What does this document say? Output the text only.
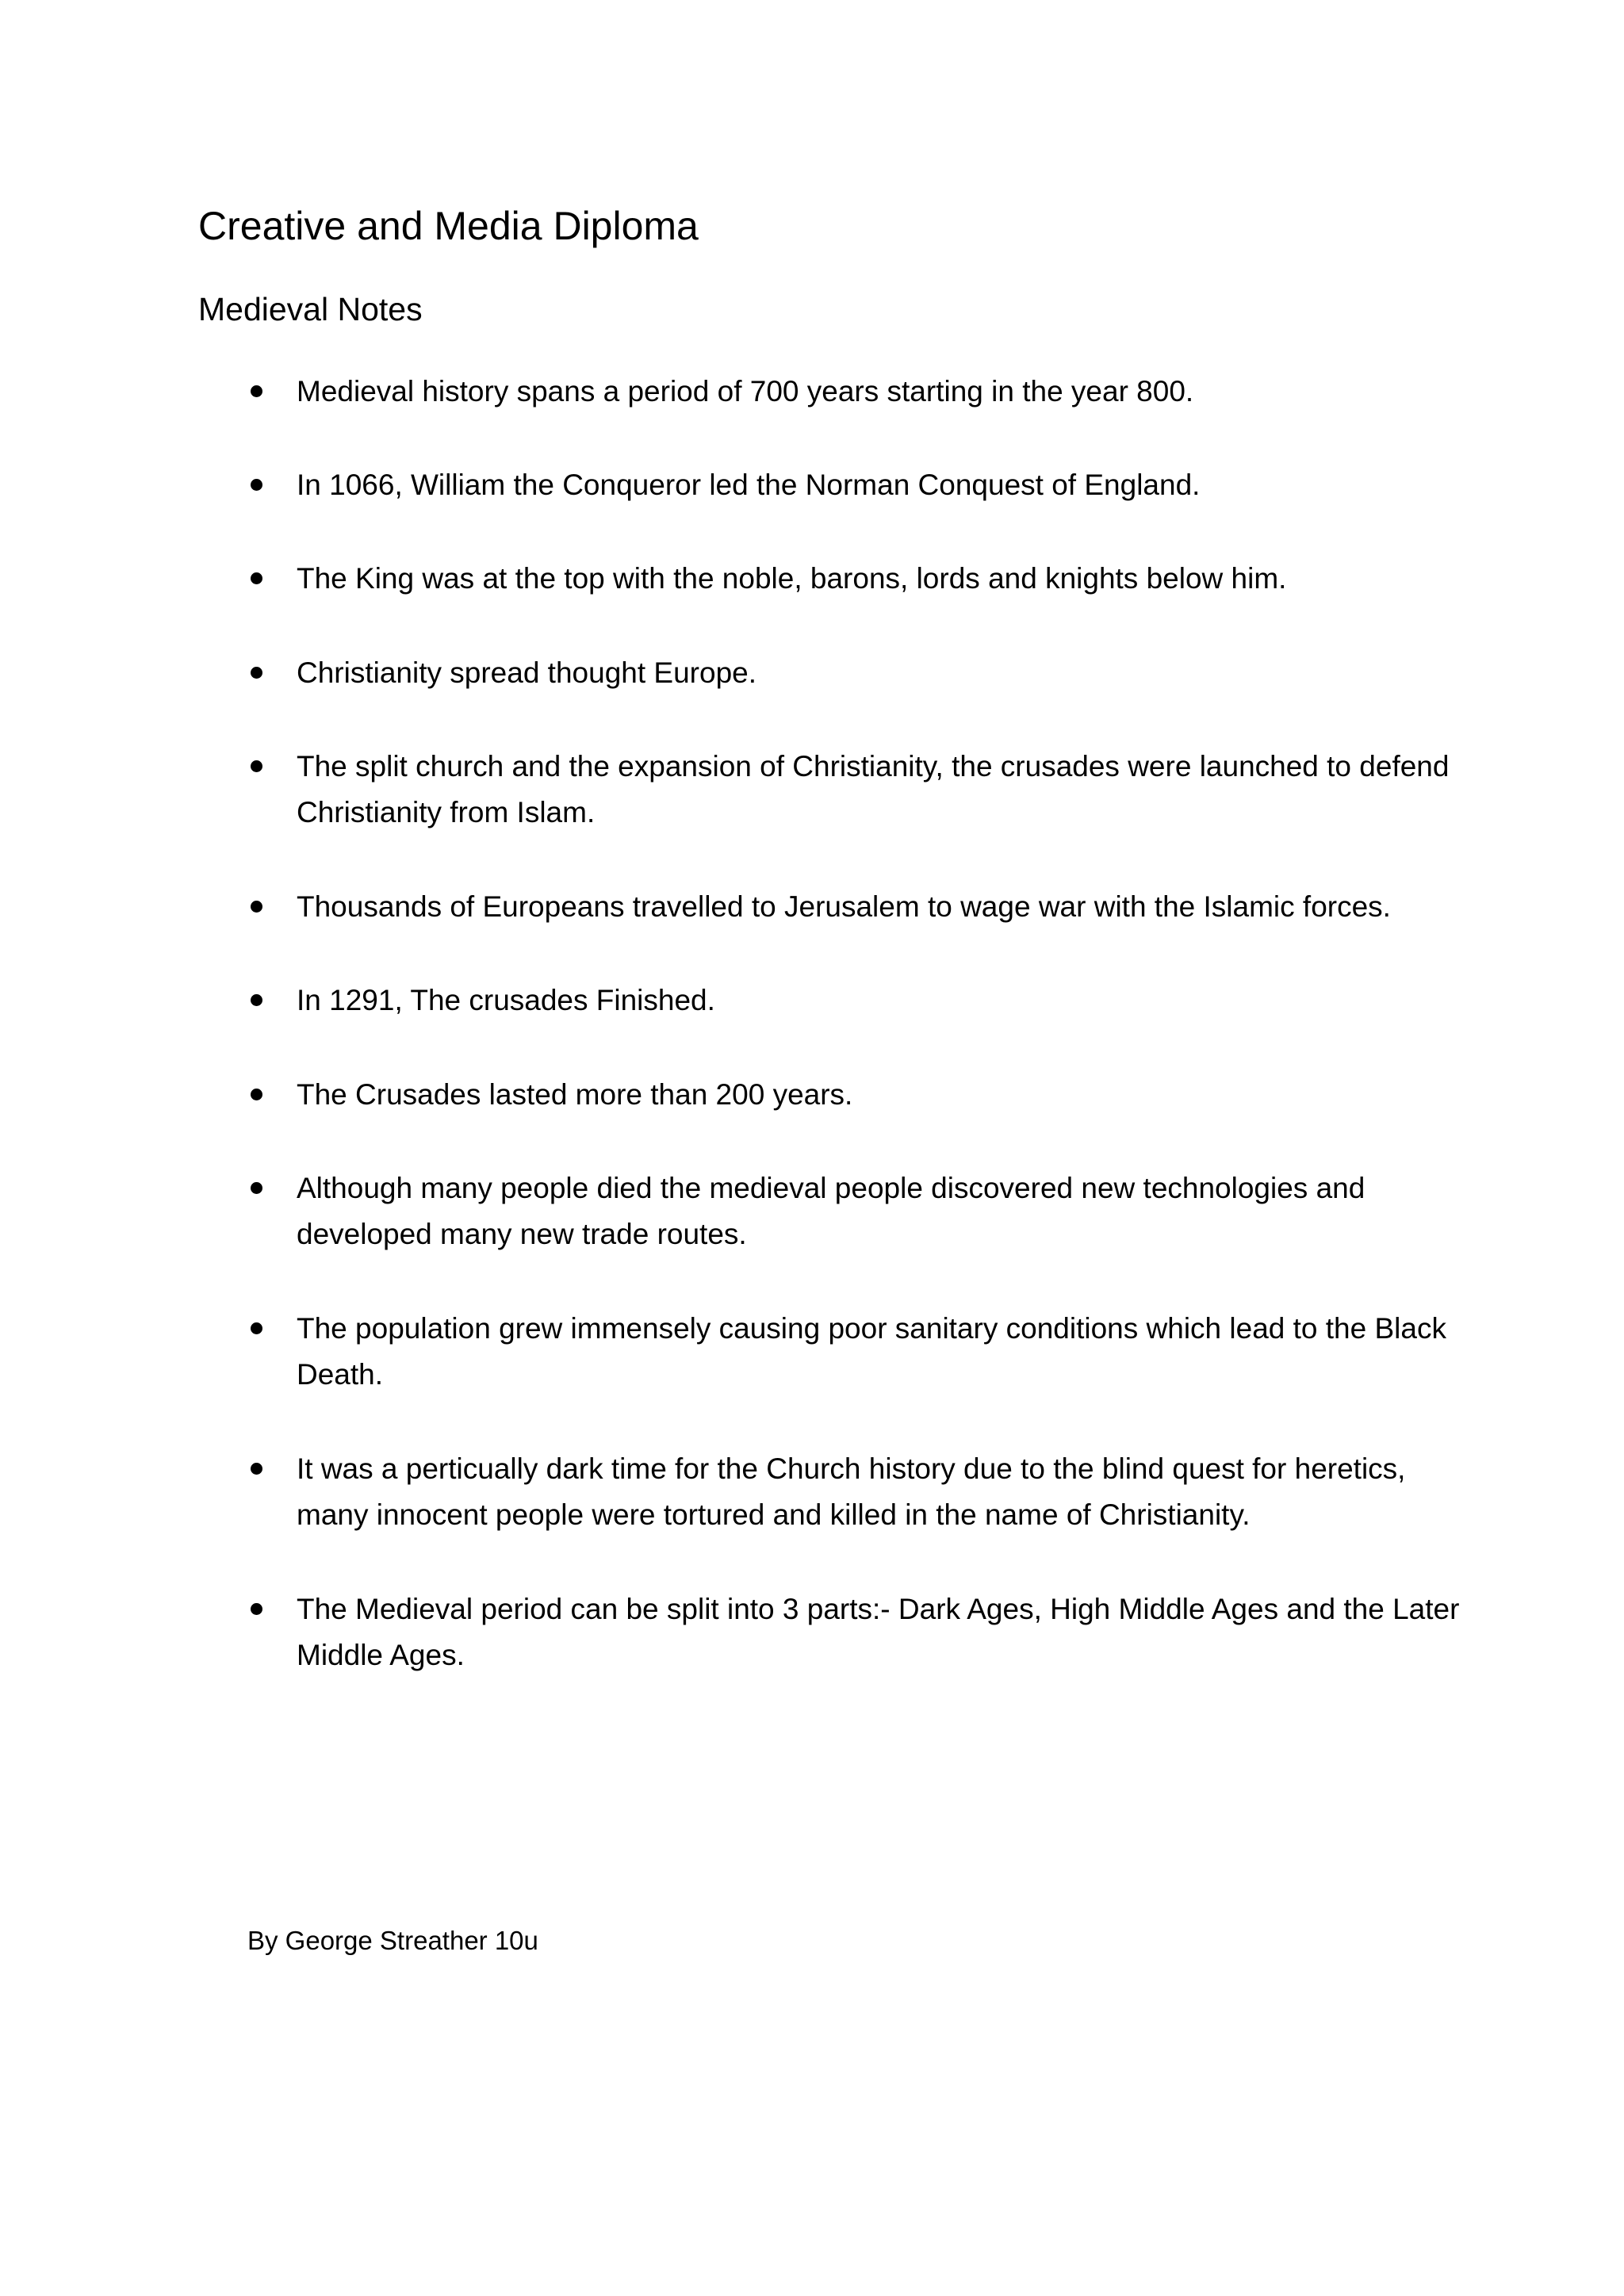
Creative and Media Diploma
Medieval Notes
Medieval history spans a period of 700 years starting in the year 800.
In 1066, William the Conqueror led the Norman Conquest of England.
The King was at the top with the noble, barons, lords and knights below him.
Christianity spread thought Europe.
The split church and the expansion of Christianity, the crusades were launched to defend Christianity from Islam.
Thousands of Europeans travelled to Jerusalem to wage war with the Islamic forces.
In 1291, The crusades Finished.
The Crusades lasted more than 200 years.
Although many people died the medieval people discovered new technologies and developed many new trade routes.
The population grew immensely causing poor sanitary conditions which lead to the Black Death.
It was a perticually dark time for the Church history due to the blind quest for heretics, many innocent people were tortured and killed in the name of Christianity.
The Medieval period can be split into 3 parts:- Dark Ages, High Middle Ages and the Later Middle Ages.

By George Streather 10u
